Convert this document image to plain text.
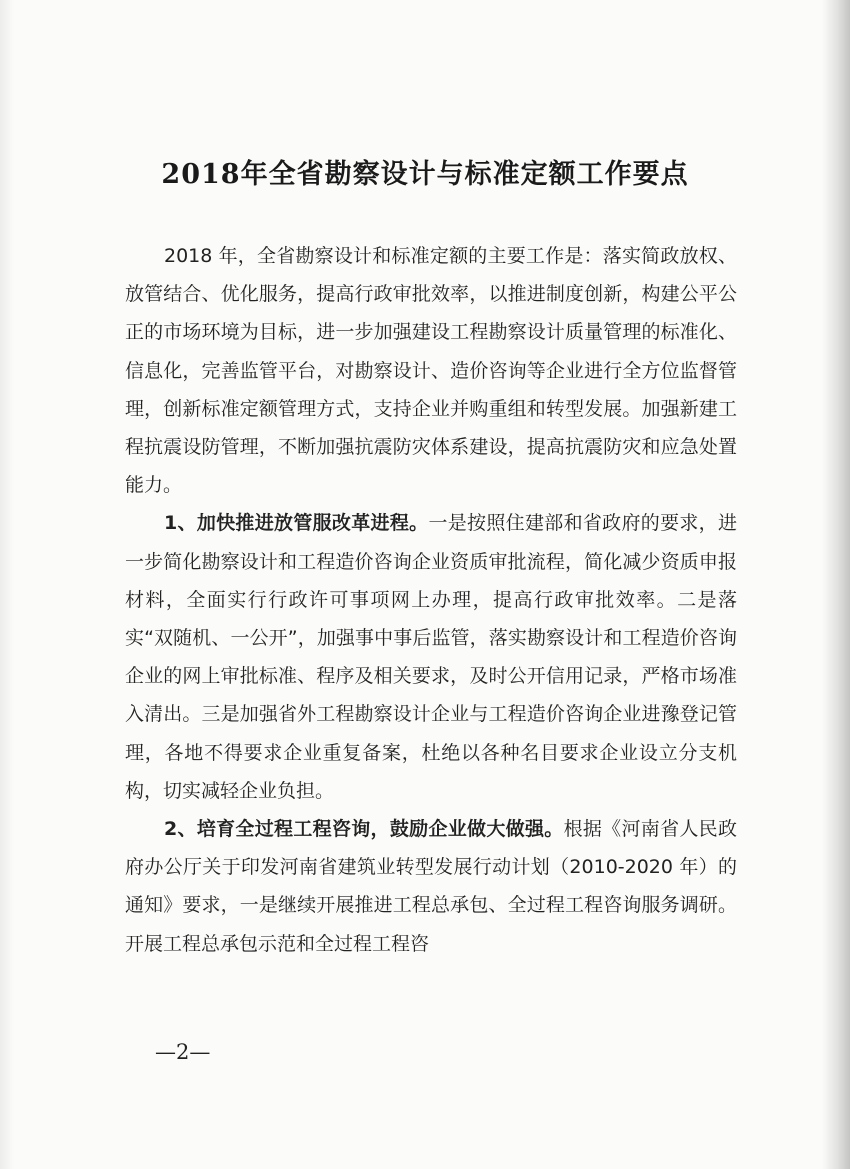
2018年全省勘察设计与标准定额工作要点

2018 年，全省勘察设计和标准定额的主要工作是：落实简政放权、放管结合、优化服务，提高行政审批效率，以推进制度创新，构建公平公正的市场环境为目标，进一步加强建设工程勘察设计质量管理的标准化、信息化，完善监管平台，对勘察设计、造价咨询等企业进行全方位监督管理，创新标准定额管理方式，支持企业并购重组和转型发展。加强新建工程抗震设防管理，不断加强抗震防灾体系建设，提高抗震防灾和应急处置能力。

1、加快推进放管服改革进程。一是按照住建部和省政府的要求，进一步简化勘察设计和工程造价咨询企业资质审批流程，简化减少资质申报材料，全面实行行政许可事项网上办理，提高行政审批效率。二是落实“双随机、一公开”，加强事中事后监管，落实勘察设计和工程造价咨询企业的网上审批标准、程序及相关要求，及时公开信用记录，严格市场准入清出。三是加强省外工程勘察设计企业与工程造价咨询企业进豫登记管理，各地不得要求企业重复备案，杜绝以各种名目要求企业设立分支机构，切实减轻企业负担。

2、培育全过程工程咨询，鼓励企业做大做强。根据《河南省人民政府办公厅关于印发河南省建筑业转型发展行动计划（2010-2020 年）的通知》要求，一是继续开展推进工程总承包、全过程工程咨询服务调研。开展工程总承包示范和全过程工程咨

—2—
